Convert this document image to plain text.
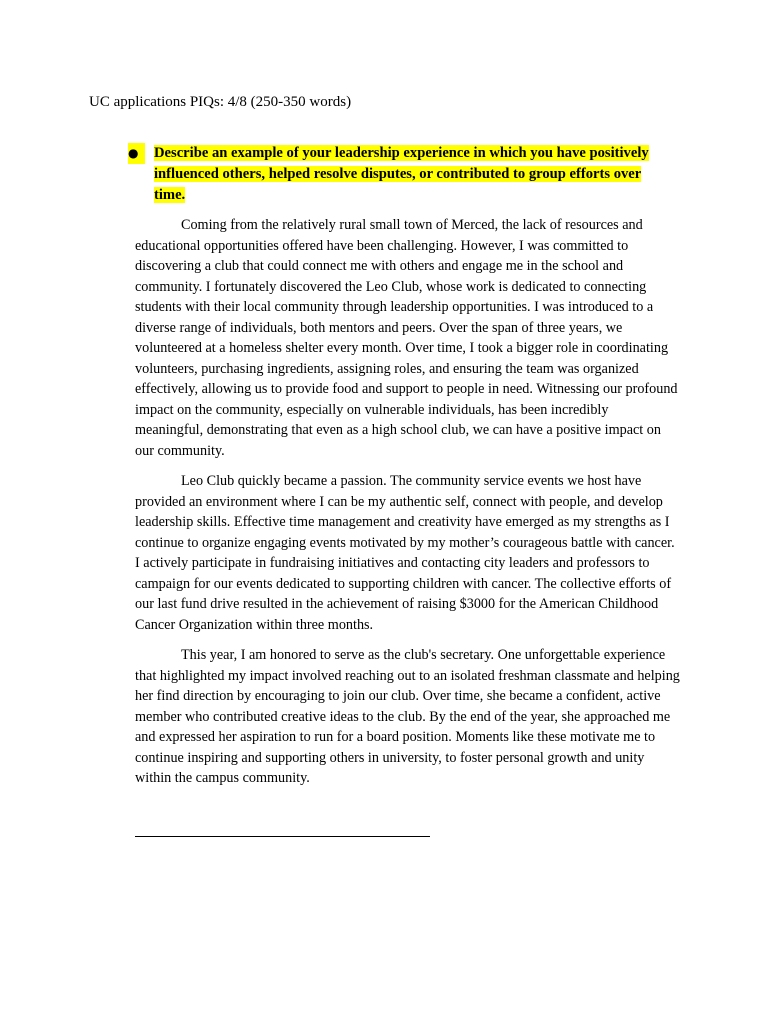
UC applications PIQs: 4/8 (250-350 words)
●	Describe an example of your leadership experience in which you have positively influenced others, helped resolve disputes, or contributed to group efforts over time.

Coming from the relatively rural small town of Merced, the lack of resources and educational opportunities offered have been challenging. However, I was committed to discovering a club that could connect me with others and engage me in the school and community. I fortunately discovered the Leo Club, whose work is dedicated to connecting students with their local community through leadership opportunities. I was introduced to a diverse range of individuals, both mentors and peers. Over the span of three years, we volunteered at a homeless shelter every month. Over time, I took a bigger role in coordinating volunteers, purchasing ingredients, assigning roles, and ensuring the team was organized effectively, allowing us to provide food and support to people in need. Witnessing our profound impact on the community, especially on vulnerable individuals, has been incredibly meaningful, demonstrating that even as a high school club, we can have a positive impact on our community.

Leo Club quickly became a passion. The community service events we host have provided an environment where I can be my authentic self, connect with people, and develop leadership skills. Effective time management and creativity have emerged as my strengths as I continue to organize engaging events motivated by my mother’s courageous battle with cancer. I actively participate in fundraising initiatives and contacting city leaders and professors to campaign for our events dedicated to supporting children with cancer. The collective efforts of our last fund drive resulted in the achievement of raising $3000 for the American Childhood Cancer Organization within three months.

This year, I am honored to serve as the club's secretary. One unforgettable experience that highlighted my impact involved reaching out to an isolated freshman classmate and helping her find direction by encouraging to join our club. Over time, she became a confident, active member who contributed creative ideas to the club. By the end of the year, she approached me and expressed her aspiration to run for a board position. Moments like these motivate me to continue inspiring and supporting others in university, to foster personal growth and unity within the campus community.
